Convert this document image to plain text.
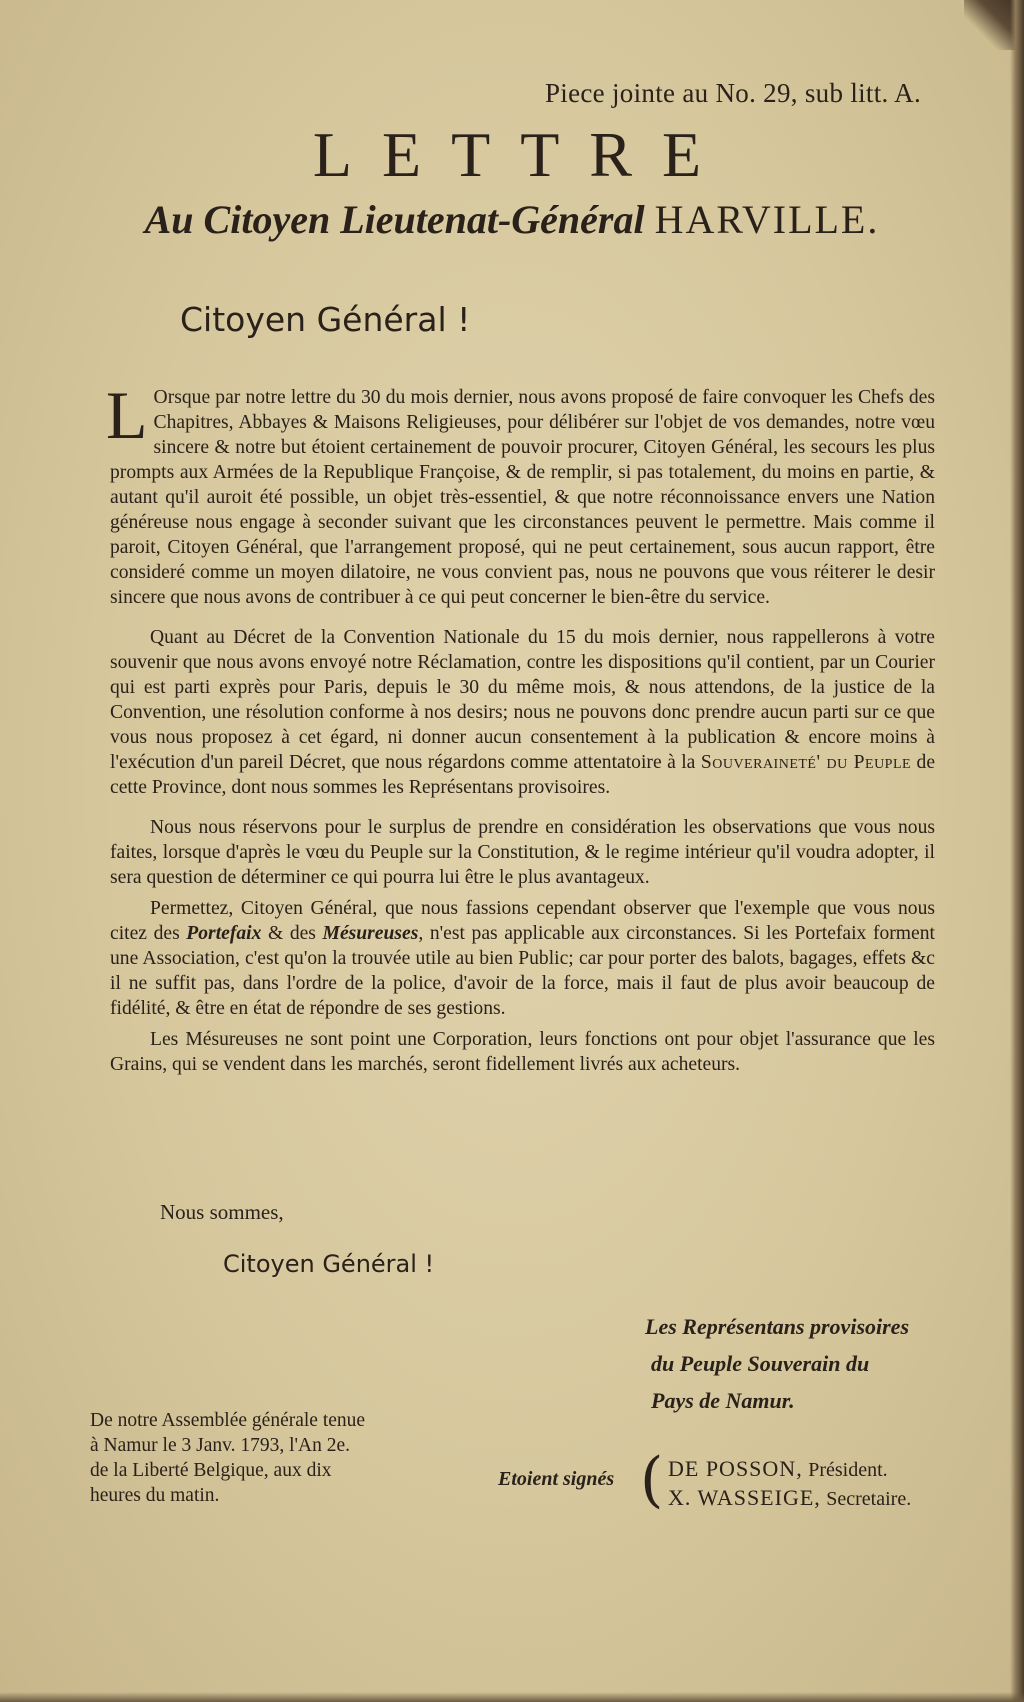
Piece jointe au No. 29, sub litt. A.
LETTRE
Au Citoyen Lieutenat-Général HARVILLE.
Citoyen Général !

L Orsque par notre lettre du 30 du mois dernier, nous avons proposé de faire convoquer les Chefs des Chapitres, Abbayes & Maisons Religieuses, pour délibérer sur l'objet de vos demandes, notre vœu sincere & notre but étoient certainement de pouvoir procurer, Citoyen Général, les secours les plus prompts aux Armées de la Republique Françoise, & de remplir, si pas totalement, du moins en partie, & autant qu'il auroit été possible, un objet très-essentiel, & que notre réconnoissance envers une Nation généreuse nous engage à seconder suivant que les circonstances peuvent le permettre. Mais comme il paroit, Citoyen Général, que l'arrangement proposé, qui ne peut certainement, sous aucun rapport, être consideré comme un moyen dilatoire, ne vous convient pas, nous ne pouvons que vous réiterer le desir sincere que nous avons de contribuer à ce qui peut concerner le bien-être du service.

Quant au Décret de la Convention Nationale du 15 du mois dernier, nous rappellerons à votre souvenir que nous avons envoyé notre Réclamation, contre les dispositions qu'il contient, par un Courier qui est parti exprès pour Paris, depuis le 30 du même mois, & nous attendons, de la justice de la Convention, une résolution conforme à nos desirs; nous ne pouvons donc prendre aucun parti sur ce que vous nous proposez à cet égard, ni donner aucun consentement à la publication & encore moins à l'exécution d'un pareil Décret, que nous régardons comme attentatoire à la Souveraineté' du Peuple de cette Province, dont nous sommes les Représentans provisoires.

Nous nous réservons pour le surplus de prendre en considération les observations que vous nous faites, lorsque d'après le vœu du Peuple sur la Constitution, & le regime intérieur qu'il voudra adopter, il sera question de déterminer ce qui pourra lui être le plus avantageux.

Permettez, Citoyen Général, que nous fassions cependant observer que l'exemple que vous nous citez des Portefaix & des Mésureuses, n'est pas applicable aux circonstances. Si les Portefaix forment une Association, c'est qu'on la trouvée utile au bien Public; car pour porter des balots, bagages, effets &c il ne suffit pas, dans l'ordre de la police, d'avoir de la force, mais il faut de plus avoir beaucoup de fidélité, & être en état de répondre de ses gestions.

Les Mésureuses ne sont point une Corporation, leurs fonctions ont pour objet l'assurance que les Grains, qui se vendent dans les marchés, seront fidellement livrés aux acheteurs.

Nous sommes,
Citoyen Général !
Les Représentans provisoires
du Peuple Souverain du
Pays de Namur.
De notre Assemblée générale tenue
à Namur le 3 Janv. 1793, l'An 2e.
de la Liberté Belgique, aux dix
heures du matin.
Etoient signés ( DE POSSON, Président.
X. WASSEIGE, Secretaire.
